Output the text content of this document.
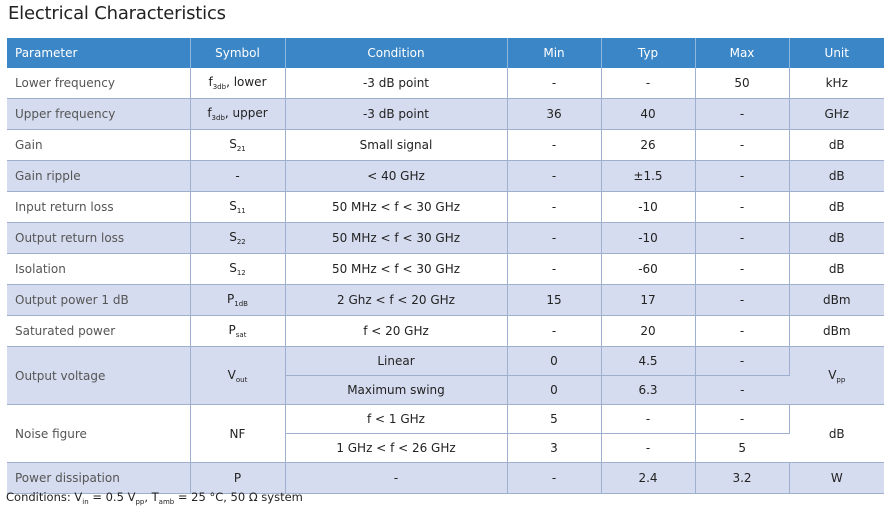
Electrical Characteristics
Parameter	Symbol	Condition	Min	Typ	Max	Unit
Lower frequency	$f_{3db}$, lower	-3 dB point	-	-	50	kHz
Upper frequency	$f_{3db}$, upper	-3 dB point	36	40	-	GHz
Gain	$S_{21}$	Small signal	-	26	-	dB
Gain ripple	-	< 40 GHz	-	±1.5	-	dB
Input return loss	$S_{11}$	50 MHz < f < 30 GHz	-	-10	-	dB
Output return loss	$S_{22}$	50 MHz < f < 30 GHz	-	-10	-	dB
Isolation	$S_{12}$	50 MHz < f < 30 GHz	-	-60	-	dB
Output power 1 dB	$P_{1dB}$	2 Ghz < f < 20 GHz	15	17	-	dBm
Saturated power	$P_{sat}$	f < 20 GHz	-	20	-	dBm
Output voltage	$V_{out}$	Linear	0	4.5	-	$V_{pp}$
		Maximum swing	0	6.3	-	
Noise figure	NF	f < 1 GHz	5	-	-	dB
		1 GHz < f < 26 GHz	3	-	5	
Power dissipation	P	-	-	2.4	3.2	W
Conditions: $V_{in} = 0.5$ $V_{pp}$, $T_{amb} = 25$ °C, 50 Ω system
